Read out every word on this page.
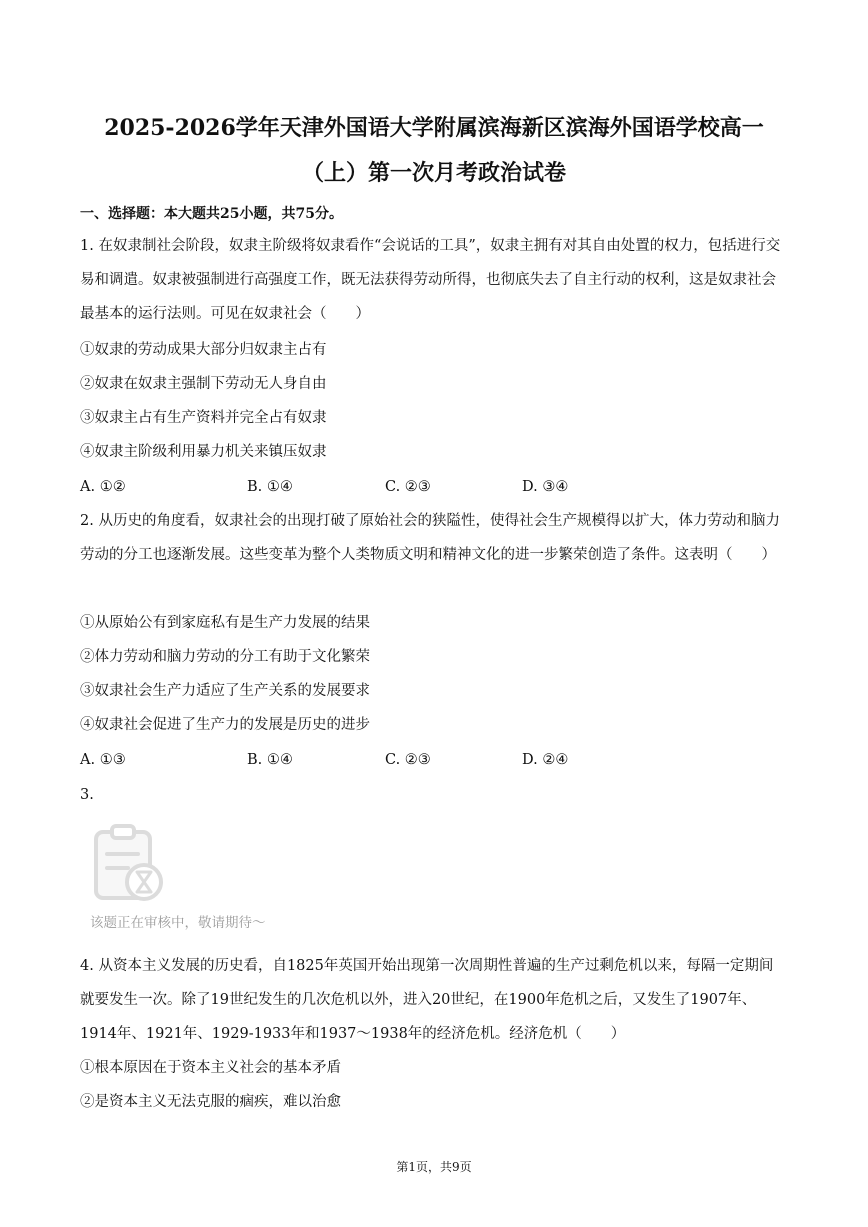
2025-2026学年天津外国语大学附属滨海新区滨海外国语学校高一
（上）第一次月考政治试卷
一、选择题：本大题共25小题，共75分。
1. 在奴隶制社会阶段，奴隶主阶级将奴隶看作“会说话的工具”，奴隶主拥有对其自由处置的权力，包括进行交易和调遣。奴隶被强制进行高强度工作，既无法获得劳动所得，也彻底失去了自主行动的权利，这是奴隶社会最基本的运行法则。可见在奴隶社会（　　）
①奴隶的劳动成果大部分归奴隶主占有
②奴隶在奴隶主强制下劳动无人身自由
③奴隶主占有生产资料并完全占有奴隶
④奴隶主阶级利用暴力机关来镇压奴隶
A. ①②	B. ①④	C. ②③	D. ③④
2. 从历史的角度看，奴隶社会的出现打破了原始社会的狭隘性，使得社会生产规模得以扩大，体力劳动和脑力劳动的分工也逐渐发展。这些变革为整个人类物质文明和精神文化的进一步繁荣创造了条件。这表明（　　）
①从原始公有到家庭私有是生产力发展的结果
②体力劳动和脑力劳动的分工有助于文化繁荣
③奴隶社会生产力适应了生产关系的发展要求
④奴隶社会促进了生产力的发展是历史的进步
A. ①③	B. ①④	C. ②③	D. ②④
3.
该题正在审核中，敬请期待～
4. 从资本主义发展的历史看，自1825年英国开始出现第一次周期性普遍的生产过剩危机以来，每隔一定期间就要发生一次。除了19世纪发生的几次危机以外，进入20世纪，在1900年危机之后，又发生了1907年、1914年、1921年、1929-1933年和1937～1938年的经济危机。经济危机（　　）
①根本原因在于资本主义社会的基本矛盾
②是资本主义无法克服的痼疾，难以治愈
第1页，共9页
